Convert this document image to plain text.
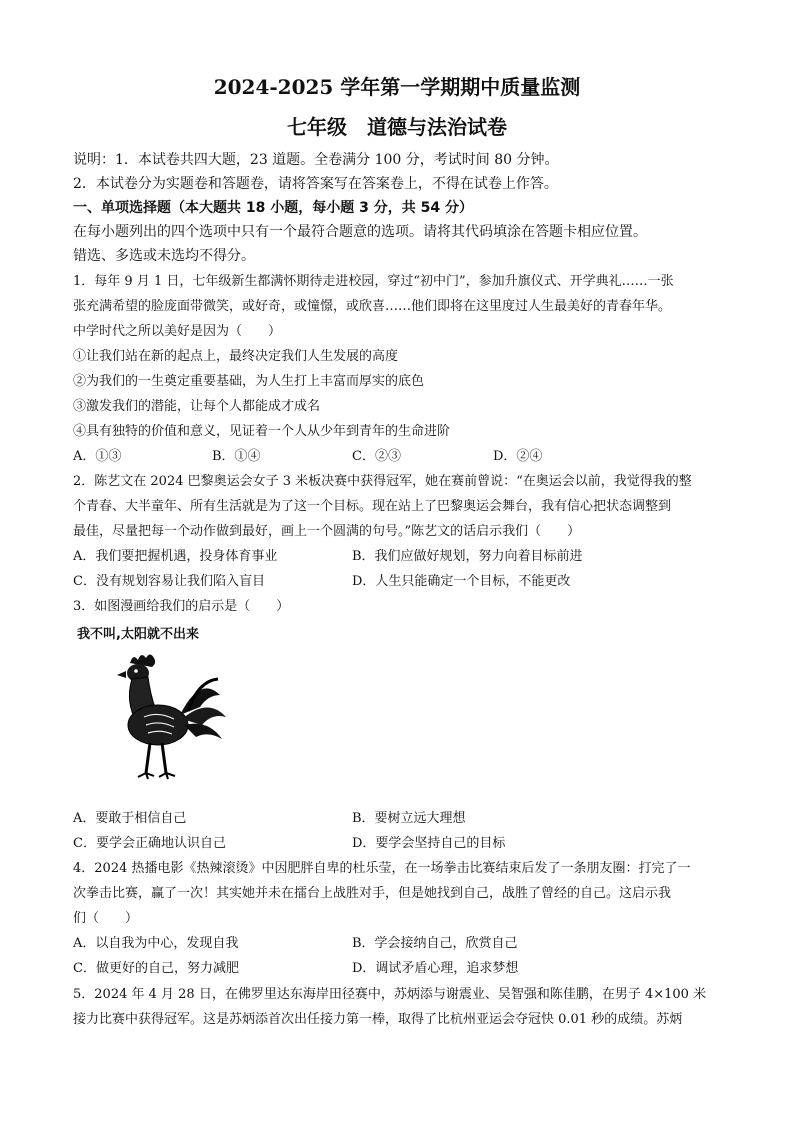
2024-2025 学年第一学期期中质量监测
七年级　道德与法治试卷
说明：1．本试卷共四大题，23 道题。全卷满分 100 分，考试时间 80 分钟。
2．本试卷分为实题卷和答题卷，请将答案写在答案卷上，不得在试卷上作答。
一、单项选择题（本大题共 18 小题，每小题 3 分，共 54 分）
在每小题列出的四个选项中只有一个最符合题意的选项。请将其代码填涂在答题卡相应位置。
错选、多选或未选均不得分。
1．每年 9 月 1 日，七年级新生都满怀期待走进校园，穿过“初中门”，参加升旗仪式、开学典礼……一张
张充满希望的脸庞面带微笑，或好奇，或憧憬，或欣喜……他们即将在这里度过人生最美好的青春年华。
中学时代之所以美好是因为（　　）
①让我们站在新的起点上，最终决定我们人生发展的高度
②为我们的一生奠定重要基础，为人生打上丰富而厚实的底色
③激发我们的潜能，让每个人都能成才成名
④具有独特的价值和意义，见证着一个人从少年到青年的生命进阶
A．①③	B．①④	C．②③	D．②④
2．陈艺文在 2024 巴黎奥运会女子 3 米板决赛中获得冠军，她在赛前曾说：“在奥运会以前，我觉得我的整
个青春、大半童年、所有生活就是为了这一个目标。现在站上了巴黎奥运会舞台，我有信心把状态调整到
最佳，尽量把每一个动作做到最好，画上一个圆满的句号。”陈艺文的话启示我们（　　）
A．我们要把握机遇，投身体育事业	B．我们应做好规划，努力向着目标前进
C．没有规划容易让我们陷入盲目	D．人生只能确定一个目标，不能更改
3．如图漫画给我们的启示是（　　）
我不叫,太阳就不出来
A．要敢于相信自己	B．要树立远大理想
C．要学会正确地认识自己	D．要学会坚持自己的目标
4．2024 热播电影《热辣滚烫》中因肥胖自卑的杜乐莹，在一场拳击比赛结束后发了一条朋友圈：打完了一
次拳击比赛，赢了一次！其实她并未在擂台上战胜对手，但是她找到自己，战胜了曾经的自己。这启示我
们（　　）
A．以自我为中心，发现自我	B．学会接纳自己，欣赏自己
C．做更好的自己，努力减肥	D．调试矛盾心理，追求梦想
5．2024 年 4 月 28 日，在佛罗里达东海岸田径赛中，苏炳添与谢震业、吴智强和陈佳鹏，在男子 4×100 米
接力比赛中获得冠军。这是苏炳添首次出任接力第一棒，取得了比杭州亚运会夺冠快 0.01 秒的成绩。苏炳
